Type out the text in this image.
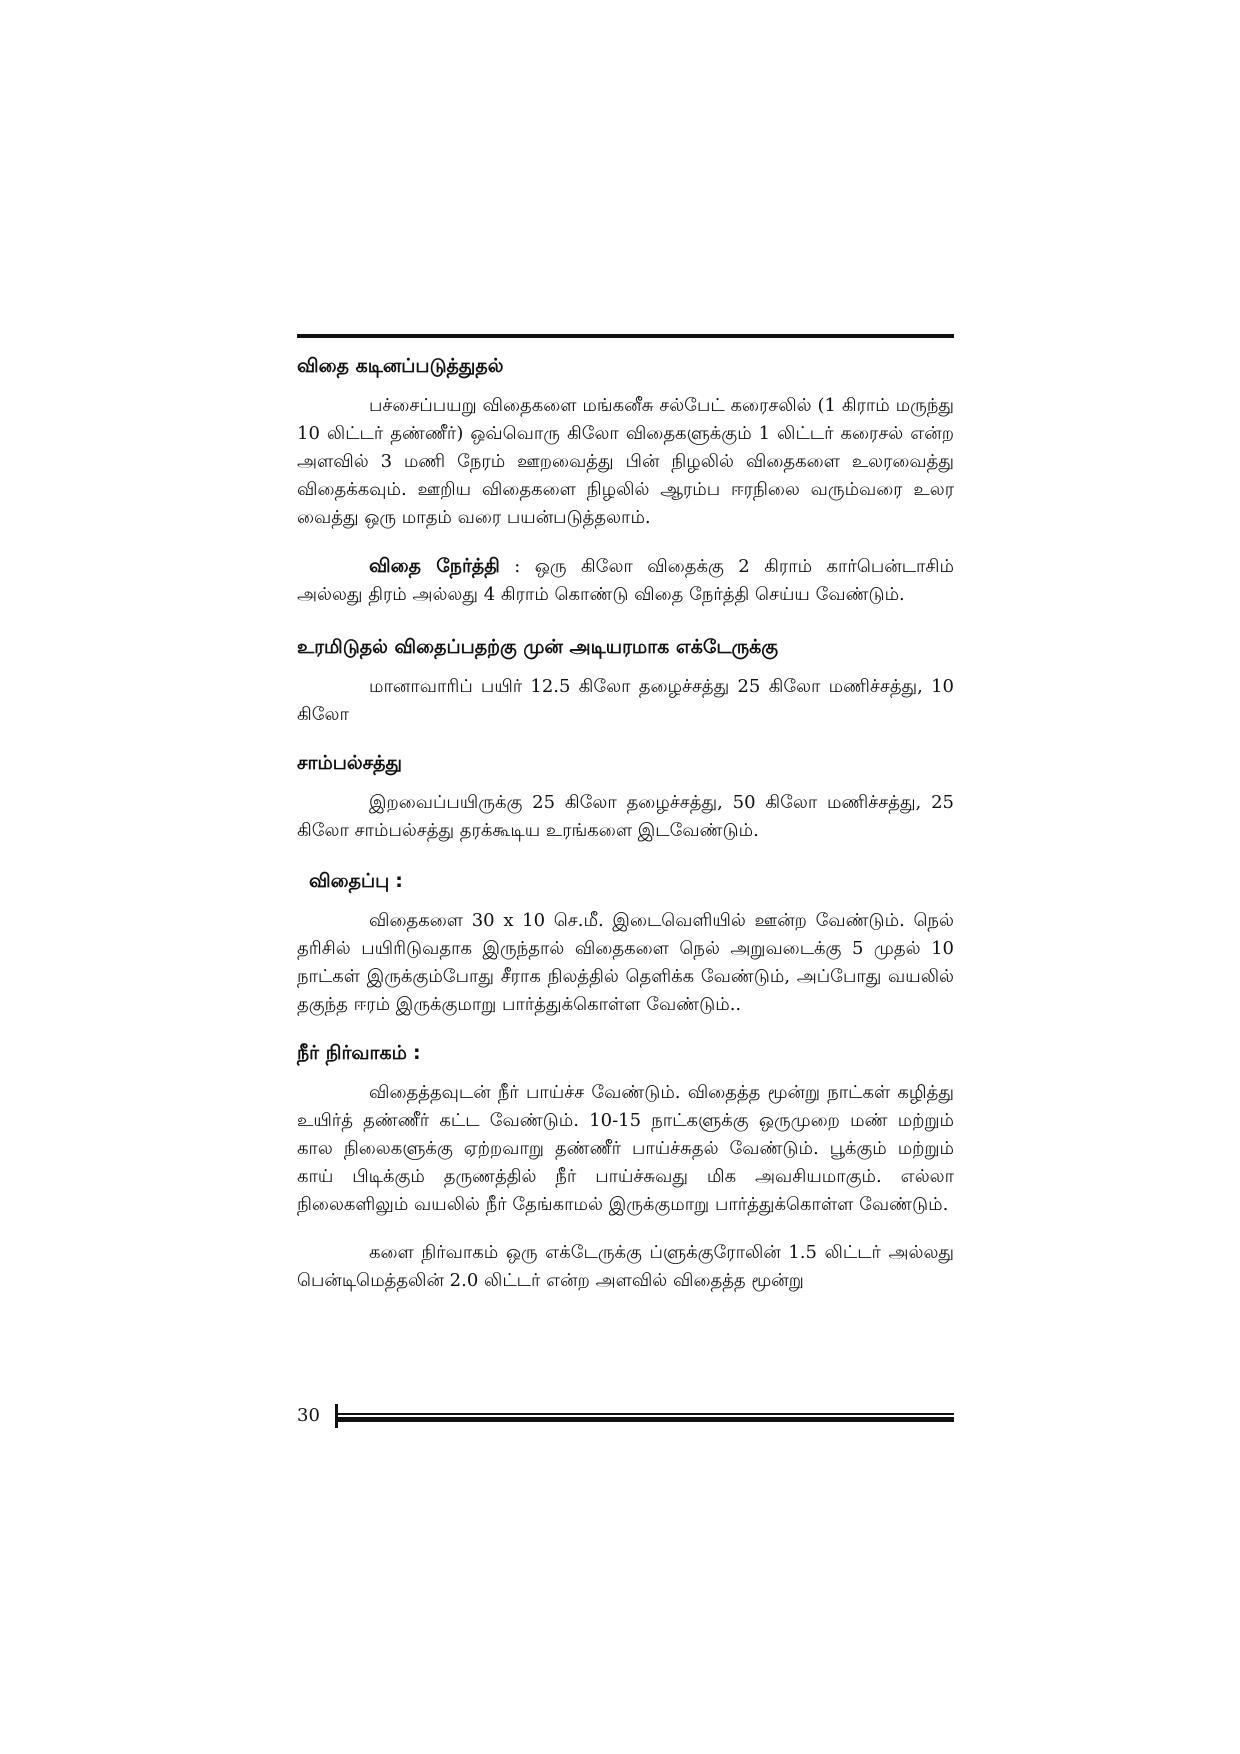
விதை கடினப்படுத்துதல்

பச்சைப்பயறு விதைகளை மங்கனீசு சல்பேட் கரைசலில் (1 கிராம் மருந்து 10 லிட்டர் தண்ணீர்) ஒவ்வொரு கிலோ விதைகளுக்கும் 1 லிட்டர் கரைசல் என்ற அளவில் 3 மணி நேரம் ஊறவைத்து பின் நிழலில் விதைகளை உலரவைத்து விதைக்கவும். ஊறிய விதைகளை நிழலில் ஆரம்ப ஈரநிலை வரும்வரை உலர வைத்து ஒரு மாதம் வரை பயன்படுத்தலாம்.

விதை நேர்த்தி : ஒரு கிலோ விதைக்கு 2 கிராம் கார்பென்டாசிம் அல்லது திரம் அல்லது 4 கிராம் கொண்டு விதை நேர்த்தி செய்ய வேண்டும்.

உரமிடுதல் விதைப்பதற்கு முன் அடியரமாக எக்டேருக்கு

மானாவாரிப் பயிர் 12.5 கிலோ தழைச்சத்து 25 கிலோ மணிச்சத்து, 10 கிலோ

சாம்பல்சத்து

இறவைப்பயிருக்கு 25 கிலோ தழைச்சத்து, 50 கிலோ மணிச்சத்து, 25 கிலோ சாம்பல்சத்து தரக்கூடிய உரங்களை இடவேண்டும்.

விதைப்பு :

விதைகளை 30 x 10 செ.மீ. இடைவெளியில் ஊன்ற வேண்டும். நெல் தரிசில் பயிரிடுவதாக இருந்தால் விதைகளை நெல் அறுவடைக்கு 5 முதல் 10 நாட்கள் இருக்கும்போது சீராக நிலத்தில் தெளிக்க வேண்டும், அப்போது வயலில் தகுந்த ஈரம் இருக்குமாறு பார்த்துக்கொள்ள வேண்டும்..

நீர் நிர்வாகம் :

விதைத்தவுடன் நீர் பாய்ச்ச வேண்டும். விதைத்த மூன்று நாட்கள் கழித்து உயிர்த் தண்ணீர் கட்ட வேண்டும். 10-15 நாட்களுக்கு ஒருமுறை மண் மற்றும் கால நிலைகளுக்கு ஏற்றவாறு தண்ணீர் பாய்ச்சுதல் வேண்டும். பூக்கும் மற்றும் காய் பிடிக்கும் தருணத்தில் நீர் பாய்ச்சுவது மிக அவசியமாகும். எல்லா நிலைகளிலும் வயலில் நீர் தேங்காமல் இருக்குமாறு பார்த்துக்கொள்ள வேண்டும்.

களை நிர்வாகம் ஒரு எக்டேருக்கு ப்ளுக்குரோலின் 1.5 லிட்டர் அல்லது பென்டிமெத்தலின் 2.0 லிட்டர் என்ற அளவில் விதைத்த மூன்று

30
